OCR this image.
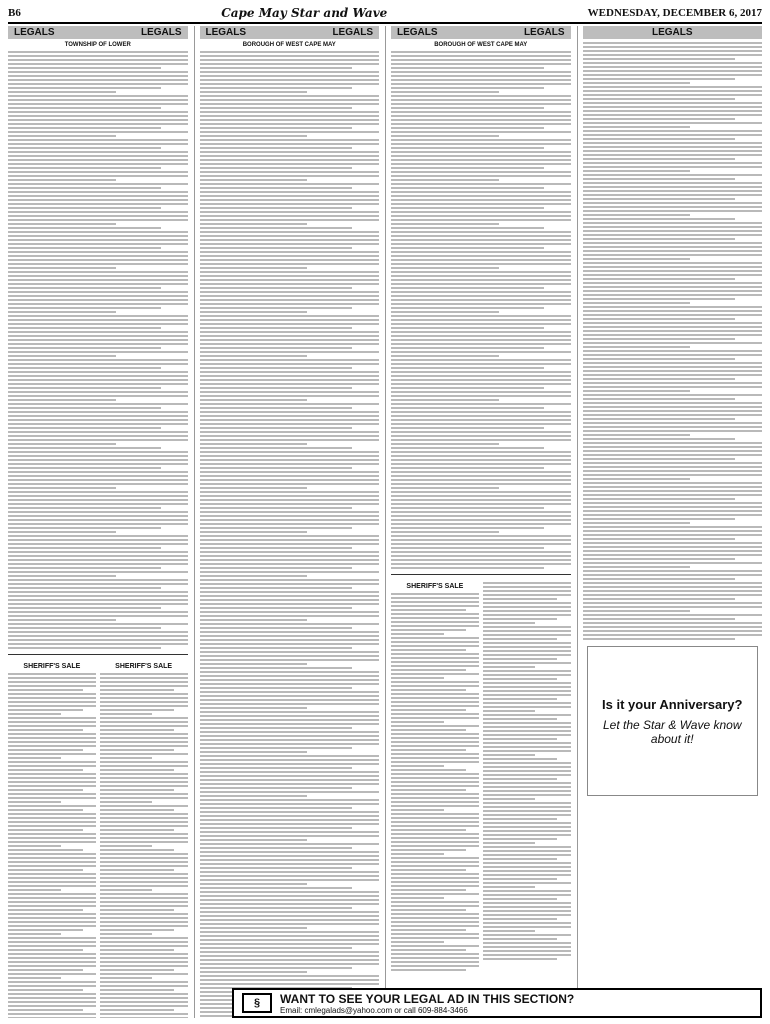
B6	Cape May Star and Wave	WEDNESDAY, DECEMBER 6, 2017
LEGALS	LEGALS
TOWNSHIP OF LOWER
SHERIFF'S SALE	SHERIFF'S SALE
LEGALS	LEGALS
BOROUGH OF WEST CAPE MAY
LEGALS	LEGALS
BOROUGH OF WEST CAPE MAY
SHERIFF'S SALE
LEGALS
Is it your Anniversary?
Let the Star & Wave know about it!
§	WANT TO SEE YOUR LEGAL AD IN THIS SECTION?
Email: cmlegalads@yahoo.com or call 609-884-3466
